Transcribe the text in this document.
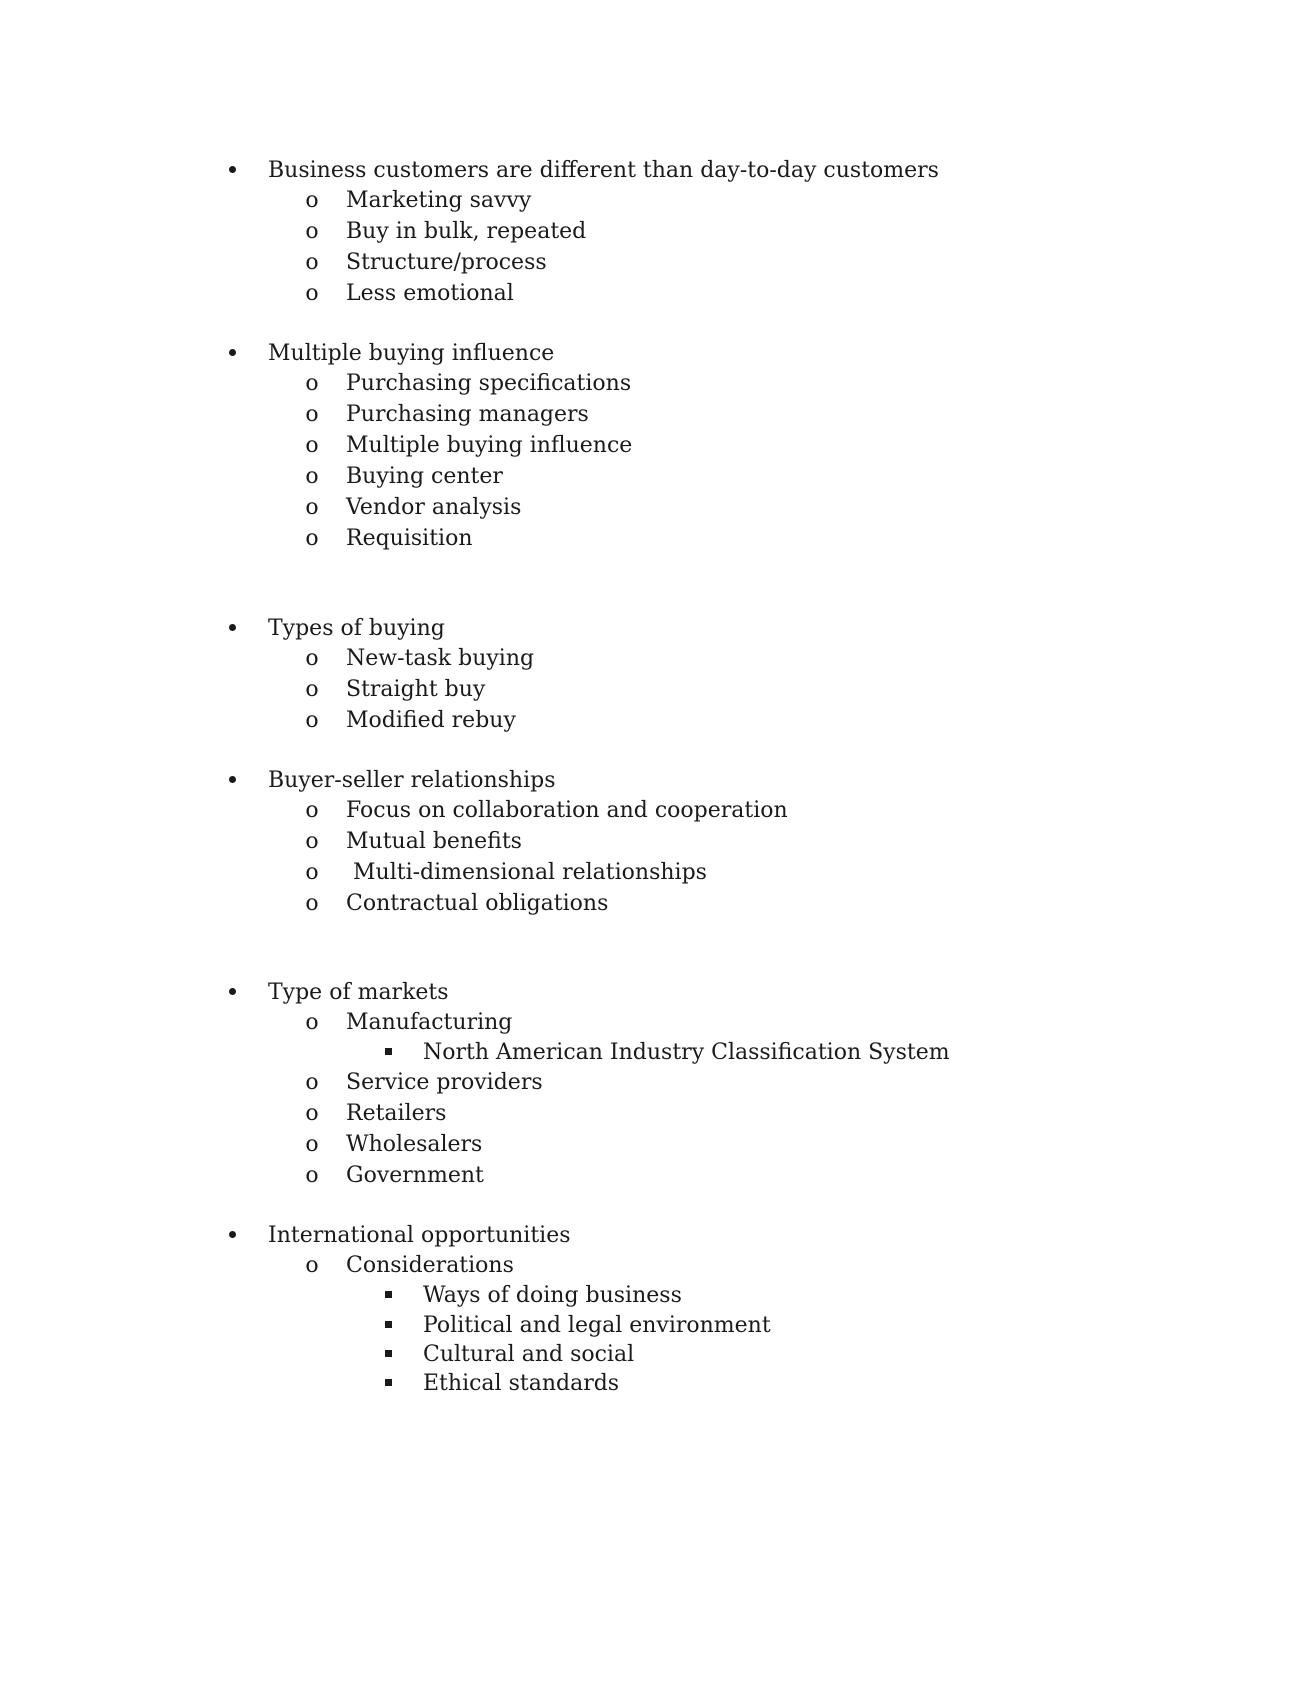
Business customers are different than day-to-day customers
o Marketing savvy
o Buy in bulk, repeated
o Structure/process
o Less emotional
Multiple buying influence
o Purchasing specifications
o Purchasing managers
o Multiple buying influence
o Buying center
o Vendor analysis
o Requisition
Types of buying
o New-task buying
o Straight buy
o Modified rebuy
Buyer-seller relationships
o Focus on collaboration and cooperation
o Mutual benefits
o Multi-dimensional relationships
o Contractual obligations
Type of markets
o Manufacturing
North American Industry Classification System
o Service providers
o Retailers
o Wholesalers
o Government
International opportunities
o Considerations
Ways of doing business
Political and legal environment
Cultural and social
Ethical standards
